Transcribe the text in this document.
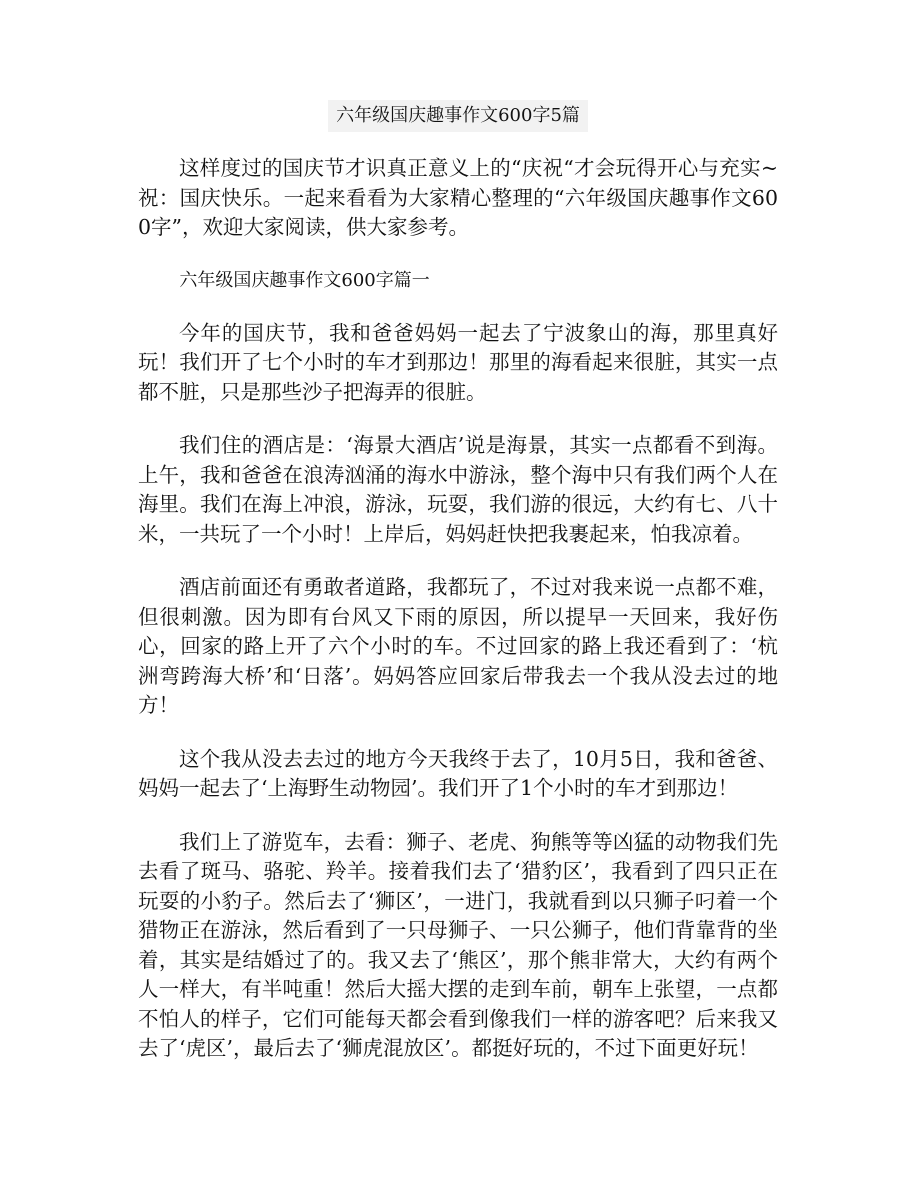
六年级国庆趣事作文600字5篇

这样度过的国庆节才识真正意义上的“庆祝“才会玩得开心与充实~祝：国庆快乐。一起来看看为大家精心整理的“六年级国庆趣事作文600字”，欢迎大家阅读，供大家参考。

六年级国庆趣事作文600字篇一

今年的国庆节，我和爸爸妈妈一起去了宁波象山的海，那里真好玩！我们开了七个小时的车才到那边！那里的海看起来很脏，其实一点都不脏，只是那些沙子把海弄的很脏。

我们住的酒店是：‘海景大酒店’说是海景，其实一点都看不到海。上午，我和爸爸在浪涛汹涌的海水中游泳，整个海中只有我们两个人在海里。我们在海上冲浪，游泳，玩耍，我们游的很远，大约有七、八十米，一共玩了一个小时！上岸后，妈妈赶快把我裹起来，怕我凉着。

酒店前面还有勇敢者道路，我都玩了，不过对我来说一点都不难，但很刺激。因为即有台风又下雨的原因，所以提早一天回来，我好伤心，回家的路上开了六个小时的车。不过回家的路上我还看到了：‘杭洲弯跨海大桥’和‘日落’。妈妈答应回家后带我去一个我从没去过的地方！

这个我从没去去过的地方今天我终于去了，10月5日，我和爸爸、妈妈一起去了‘上海野生动物园’。我们开了1个小时的车才到那边！

我们上了游览车，去看：狮子、老虎、狗熊等等凶猛的动物我们先去看了斑马、骆驼、羚羊。接着我们去了‘猎豹区’，我看到了四只正在玩耍的小豹子。然后去了‘狮区’，一进门，我就看到以只狮子叼着一个猎物正在游泳，然后看到了一只母狮子、一只公狮子，他们背靠背的坐着，其实是结婚过了的。我又去了‘熊区’，那个熊非常大，大约有两个人一样大，有半吨重！然后大摇大摆的走到车前，朝车上张望，一点都不怕人的样子，它们可能每天都会看到像我们一样的游客吧？后来我又去了‘虎区’，最后去了‘狮虎混放区’。都挺好玩的，不过下面更好玩！
